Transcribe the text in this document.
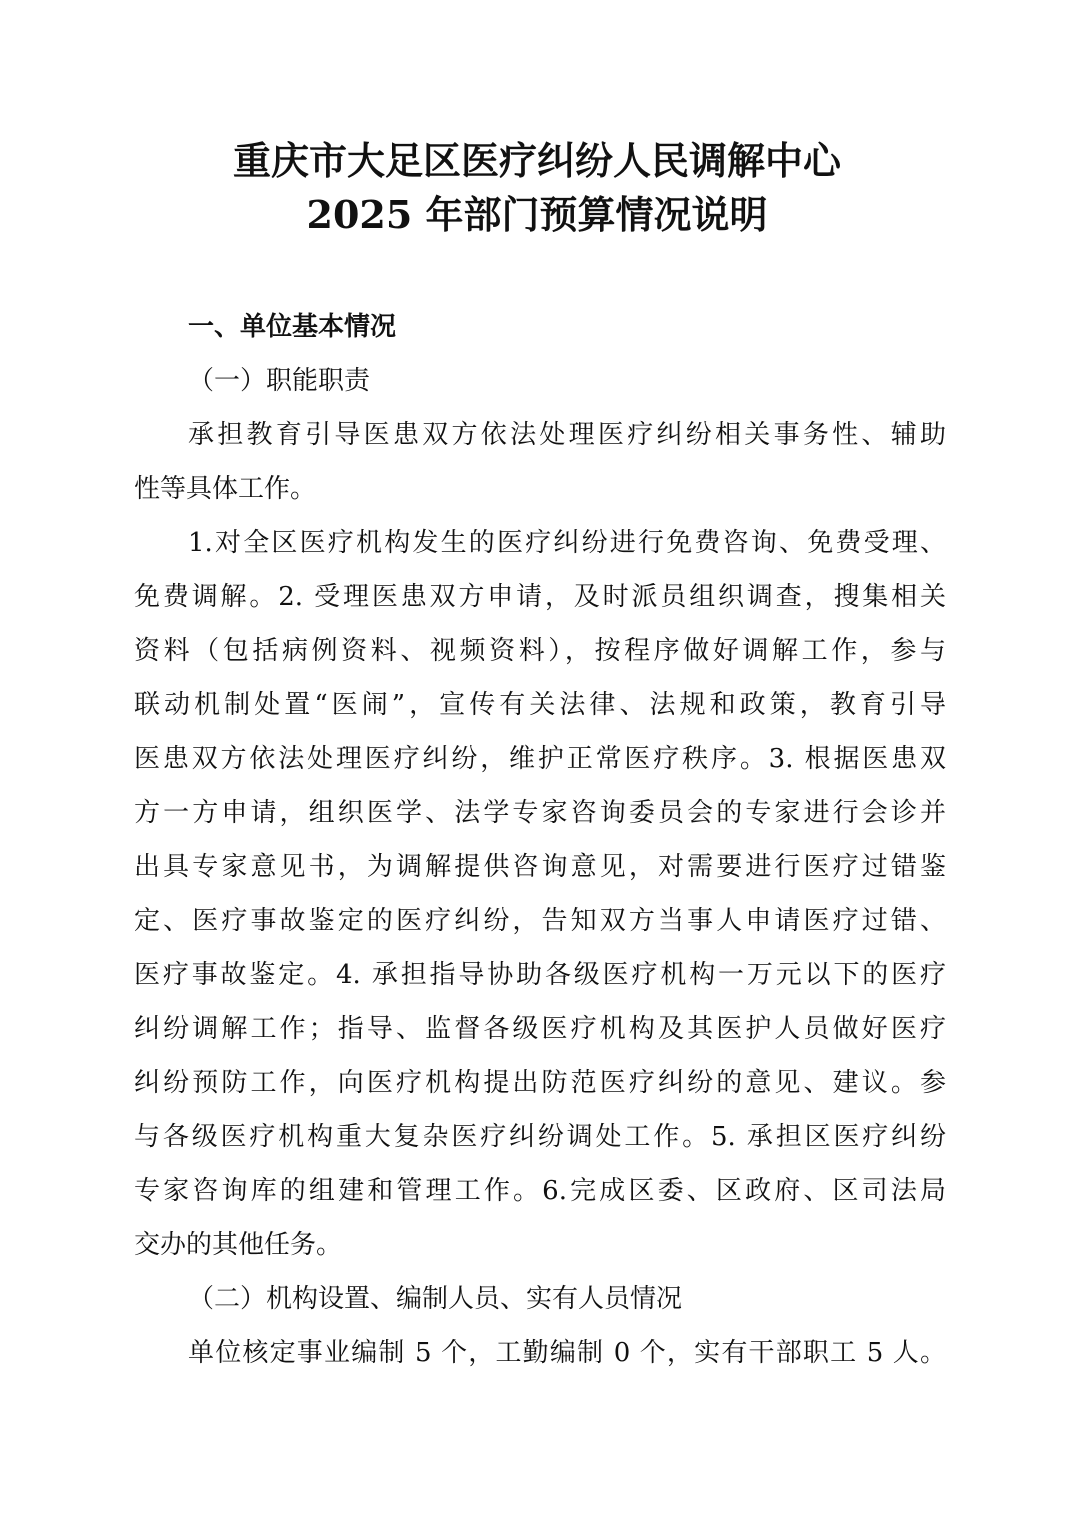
重庆市大足区医疗纠纷人民调解中心
2025 年部门预算情况说明
一、单位基本情况
（一）职能职责
承担教育引导医患双方依法处理医疗纠纷相关事务性、辅助
性等具体工作。
1.对全区医疗机构发生的医疗纠纷进行免费咨询、免费受理、
免费调解。2. 受理医患双方申请，及时派员组织调查，搜集相关
资料（包括病例资料、视频资料），按程序做好调解工作，参与
联动机制处置“医闹”，宣传有关法律、法规和政策，教育引导
医患双方依法处理医疗纠纷，维护正常医疗秩序。3. 根据医患双
方一方申请，组织医学、法学专家咨询委员会的专家进行会诊并
出具专家意见书，为调解提供咨询意见，对需要进行医疗过错鉴
定、医疗事故鉴定的医疗纠纷，告知双方当事人申请医疗过错、
医疗事故鉴定。4. 承担指导协助各级医疗机构一万元以下的医疗
纠纷调解工作；指导、监督各级医疗机构及其医护人员做好医疗
纠纷预防工作，向医疗机构提出防范医疗纠纷的意见、建议。参
与各级医疗机构重大复杂医疗纠纷调处工作。5. 承担区医疗纠纷
专家咨询库的组建和管理工作。6.完成区委、区政府、区司法局
交办的其他任务。
（二）机构设置、编制人员、实有人员情况
单位核定事业编制 5 个，工勤编制 0 个，实有干部职工 5 人。
